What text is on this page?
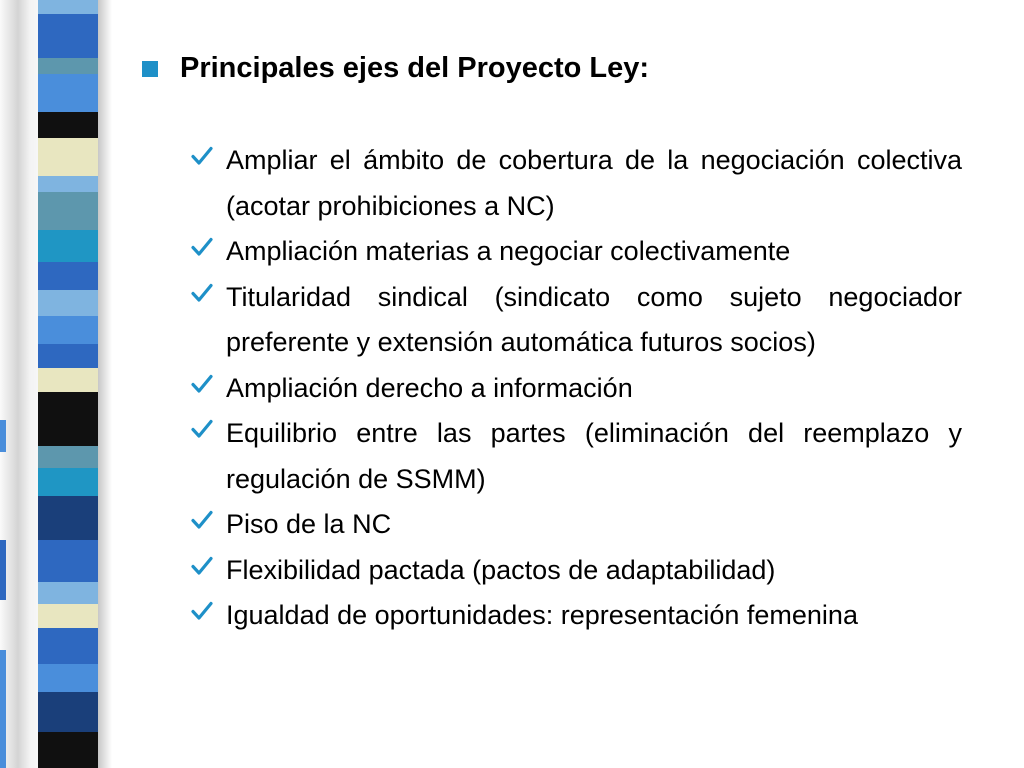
Principales ejes del Proyecto Ley:
Ampliar el ámbito de cobertura de la negociación colectiva (acotar prohibiciones a NC)
Ampliación materias a negociar colectivamente
Titularidad sindical (sindicato como sujeto negociador preferente y extensión automática futuros socios)
Ampliación derecho a información
Equilibrio entre las partes (eliminación del reemplazo y regulación de SSMM)
Piso de la NC
Flexibilidad pactada (pactos de adaptabilidad)
Igualdad de oportunidades: representación femenina
